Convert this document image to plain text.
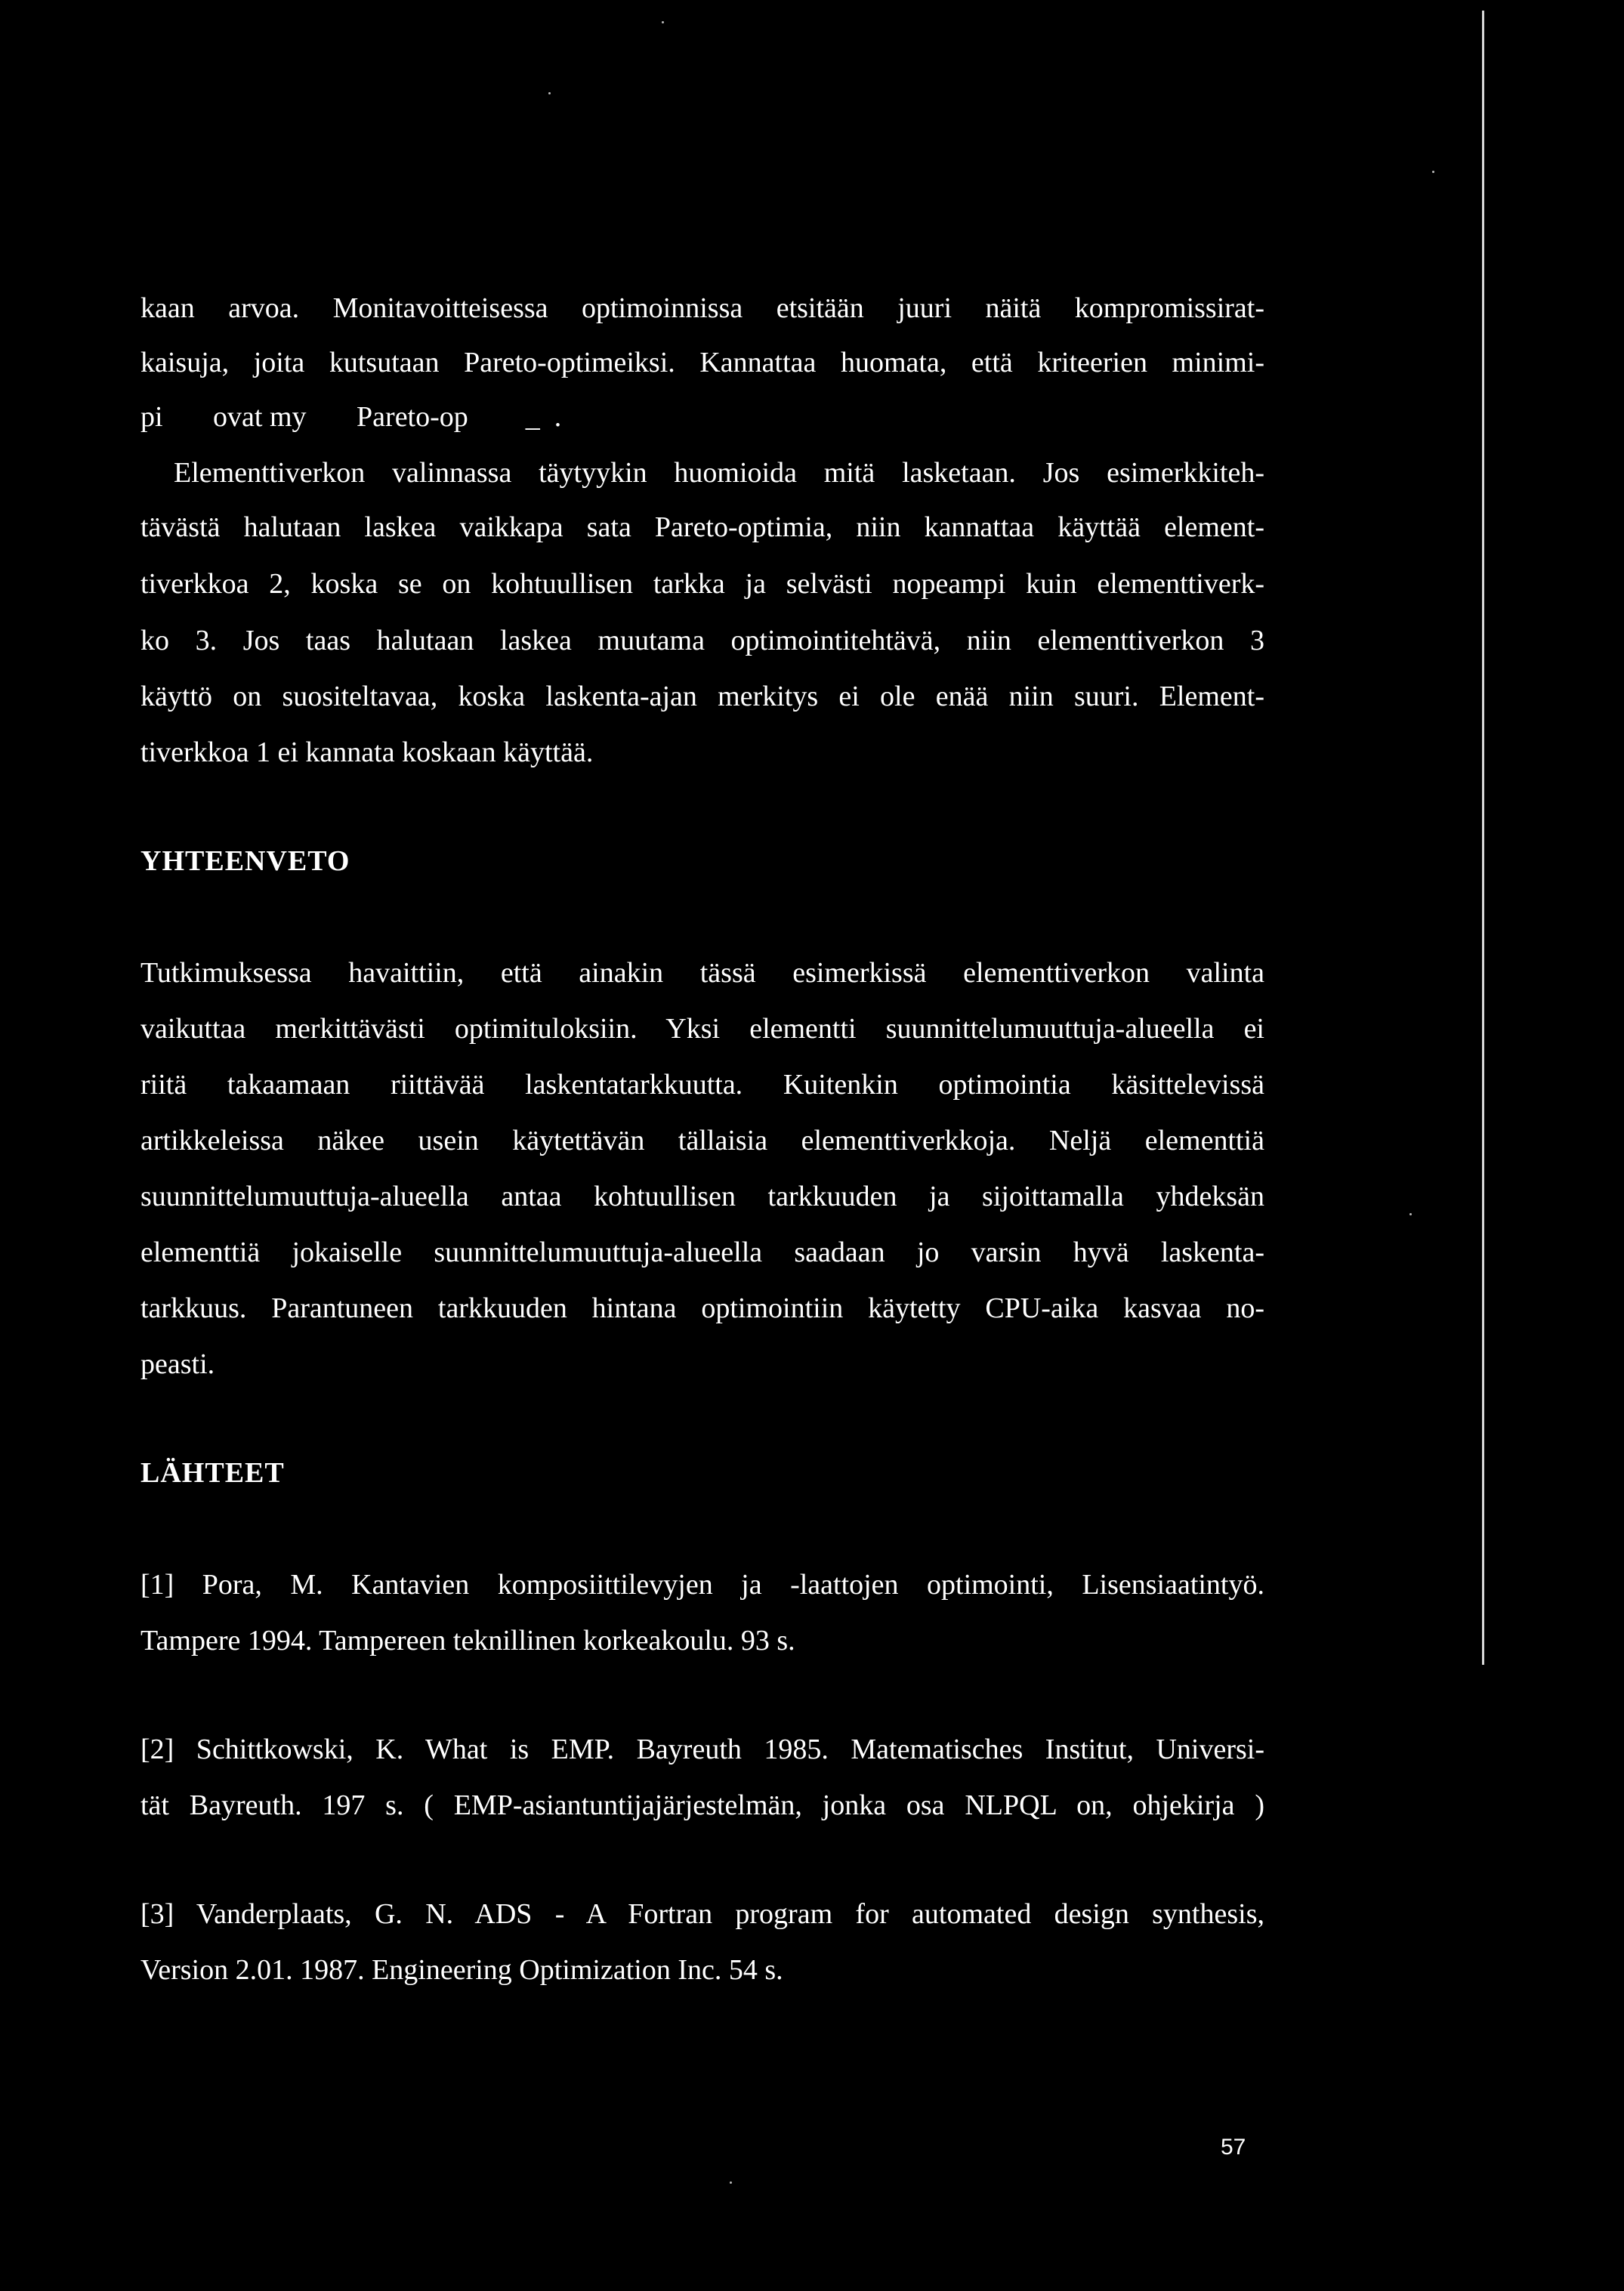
kaan arvoa. Monitavoitteisessa optimoinnissa etsitään juuri näitä kompromissirat-
kaisuja, joita kutsutaan Pareto-optimeiksi. Kannattaa huomata, että kriteerien minimi-
pi       ovat my       Pareto-op        _  .
Elementtiverkon valinnassa täytyykin huomioida mitä lasketaan. Jos esimerkkiteh-
tävästä halutaan laskea vaikkapa sata Pareto-optimia, niin kannattaa käyttää element-
tiverkkoa 2, koska se on kohtuullisen tarkka ja selvästi nopeampi kuin elementtiverk-
ko 3. Jos taas halutaan laskea muutama optimointitehtävä, niin elementtiverkon 3
käyttö on suositeltavaa, koska laskenta-ajan merkitys ei ole enää niin suuri. Element-
tiverkkoa 1 ei kannata koskaan käyttää.
YHTEENVETO
Tutkimuksessa havaittiin, että ainakin tässä esimerkissä elementtiverkon valinta
vaikuttaa merkittävästi optimituloksiin. Yksi elementti suunnittelumuuttuja-alueella ei
riitä takaamaan riittävää laskentatarkkuutta. Kuitenkin optimointia käsittelevissä
artikkeleissa näkee usein käytettävän tällaisia elementtiverkkoja. Neljä elementtiä
suunnittelumuuttuja-alueella antaa kohtuullisen tarkkuuden ja sijoittamalla yhdeksän
elementtiä jokaiselle suunnittelumuuttuja-alueella saadaan jo varsin hyvä laskenta-
tarkkuus. Parantuneen tarkkuuden hintana optimointiin käytetty CPU-aika kasvaa no-
peasti.
LÄHTEET
[1] Pora, M. Kantavien komposiittilevyjen ja -laattojen optimointi, Lisensiaatintyö.
Tampere 1994. Tampereen teknillinen korkeakoulu. 93 s.
[2] Schittkowski, K. What is EMP. Bayreuth 1985. Matematisches Institut, Universi-
tät Bayreuth. 197 s. ( EMP-asiantuntijajärjestelmän, jonka osa NLPQL on, ohjekirja )
[3] Vanderplaats, G. N. ADS - A Fortran program for automated design synthesis,
Version 2.01. 1987. Engineering Optimization Inc. 54 s.
57
